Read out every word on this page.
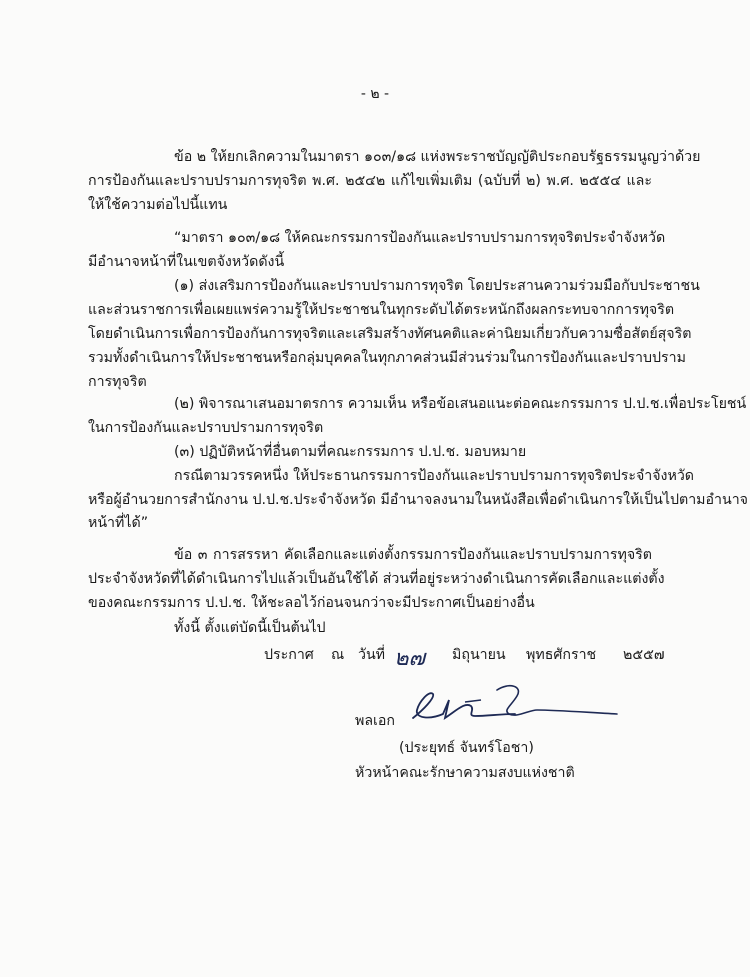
- ๒ -
ข้อ ๒ ให้ยกเลิกความในมาตรา ๑๐๓/๑๘ แห่งพระราชบัญญัติประกอบรัฐธรรมนูญว่าด้วย
การป้องกันและปราบปรามการทุจริต พ.ศ. ๒๕๔๒ แก้ไขเพิ่มเติม (ฉบับที่ ๒) พ.ศ. ๒๕๕๔ และ
ให้ใช้ความต่อไปนี้แทน
“มาตรา ๑๐๓/๑๘ ให้คณะกรรมการป้องกันและปราบปรามการทุจริตประจำจังหวัด
มีอำนาจหน้าที่ในเขตจังหวัดดังนี้
(๑) ส่งเสริมการป้องกันและปราบปรามการทุจริต โดยประสานความร่วมมือกับประชาชน
และส่วนราชการเพื่อเผยแพร่ความรู้ให้ประชาชนในทุกระดับได้ตระหนักถึงผลกระทบจากการทุจริต
โดยดำเนินการเพื่อการป้องกันการทุจริตและเสริมสร้างทัศนคติและค่านิยมเกี่ยวกับความซื่อสัตย์สุจริต
รวมทั้งดำเนินการให้ประชาชนหรือกลุ่มบุคคลในทุกภาคส่วนมีส่วนร่วมในการป้องกันและปราบปราม
การทุจริต
(๒) พิจารณาเสนอมาตรการ ความเห็น หรือข้อเสนอแนะต่อคณะกรรมการ ป.ป.ช.เพื่อประโยชน์
ในการป้องกันและปราบปรามการทุจริต
(๓) ปฏิบัติหน้าที่อื่นตามที่คณะกรรมการ ป.ป.ช. มอบหมาย
กรณีตามวรรคหนึ่ง ให้ประธานกรรมการป้องกันและปราบปรามการทุจริตประจำจังหวัด
หรือผู้อำนวยการสำนักงาน ป.ป.ช.ประจำจังหวัด มีอำนาจลงนามในหนังสือเพื่อดำเนินการให้เป็นไปตามอำนาจ
หน้าที่ได้”
ข้อ ๓ การสรรหา คัดเลือกและแต่งตั้งกรรมการป้องกันและปราบปรามการทุจริต
ประจำจังหวัดที่ได้ดำเนินการไปแล้วเป็นอันใช้ได้ ส่วนที่อยู่ระหว่างดำเนินการคัดเลือกและแต่งตั้ง
ของคณะกรรมการ ป.ป.ช. ให้ชะลอไว้ก่อนจนกว่าจะมีประกาศเป็นอย่างอื่น
ทั้งนี้ ตั้งแต่บัดนี้เป็นต้นไป
ประกาศ ณ วันที่ ๒๗ มิถุนายน พุทธศักราช ๒๕๕๗
พลเอก
(ประยุทธ์ จันทร์โอชา)
หัวหน้าคณะรักษาความสงบแห่งชาติ
